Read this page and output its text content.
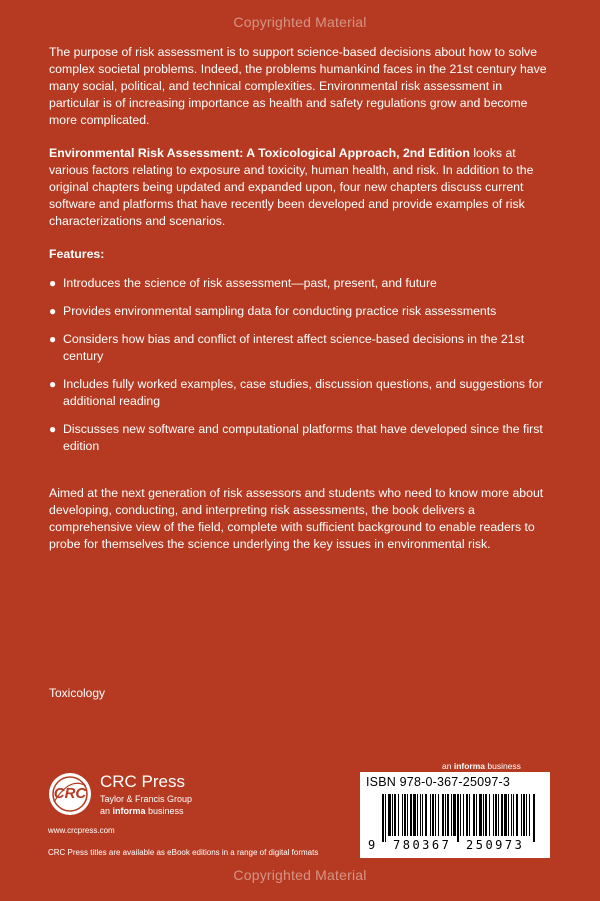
Copyrighted Material

The purpose of risk assessment is to support science-based decisions about how to solve complex societal problems. Indeed, the problems humankind faces in the 21st century have many social, political, and technical complexities. Environmental risk assessment in particular is of increasing importance as health and safety regulations grow and become more complicated.

Environmental Risk Assessment: A Toxicological Approach, 2nd Edition looks at various factors relating to exposure and toxicity, human health, and risk. In addition to the original chapters being updated and expanded upon, four new chapters discuss current software and platforms that have recently been developed and provide examples of risk characterizations and scenarios.

Features:
● Introduces the science of risk assessment—past, present, and future
● Provides environmental sampling data for conducting practice risk assessments
● Considers how bias and conflict of interest affect science-based decisions in the 21st century
● Includes fully worked examples, case studies, discussion questions, and suggestions for additional reading
● Discusses new software and computational platforms that have developed since the first edition

Aimed at the next generation of risk assessors and students who need to know more about developing, conducting, and interpreting risk assessments, the book delivers a comprehensive view of the field, complete with sufficient background to enable readers to probe for themselves the science underlying the key issues in environmental risk.

Toxicology
an informa business
CRC
CRC Press
Taylor & Francis Group
an informa business
www.crcpress.com
CRC Press titles are available as eBook editions in a range of digital formats
ISBN 978-0-367-25097-3
9 780367 250973
Copyrighted Material
